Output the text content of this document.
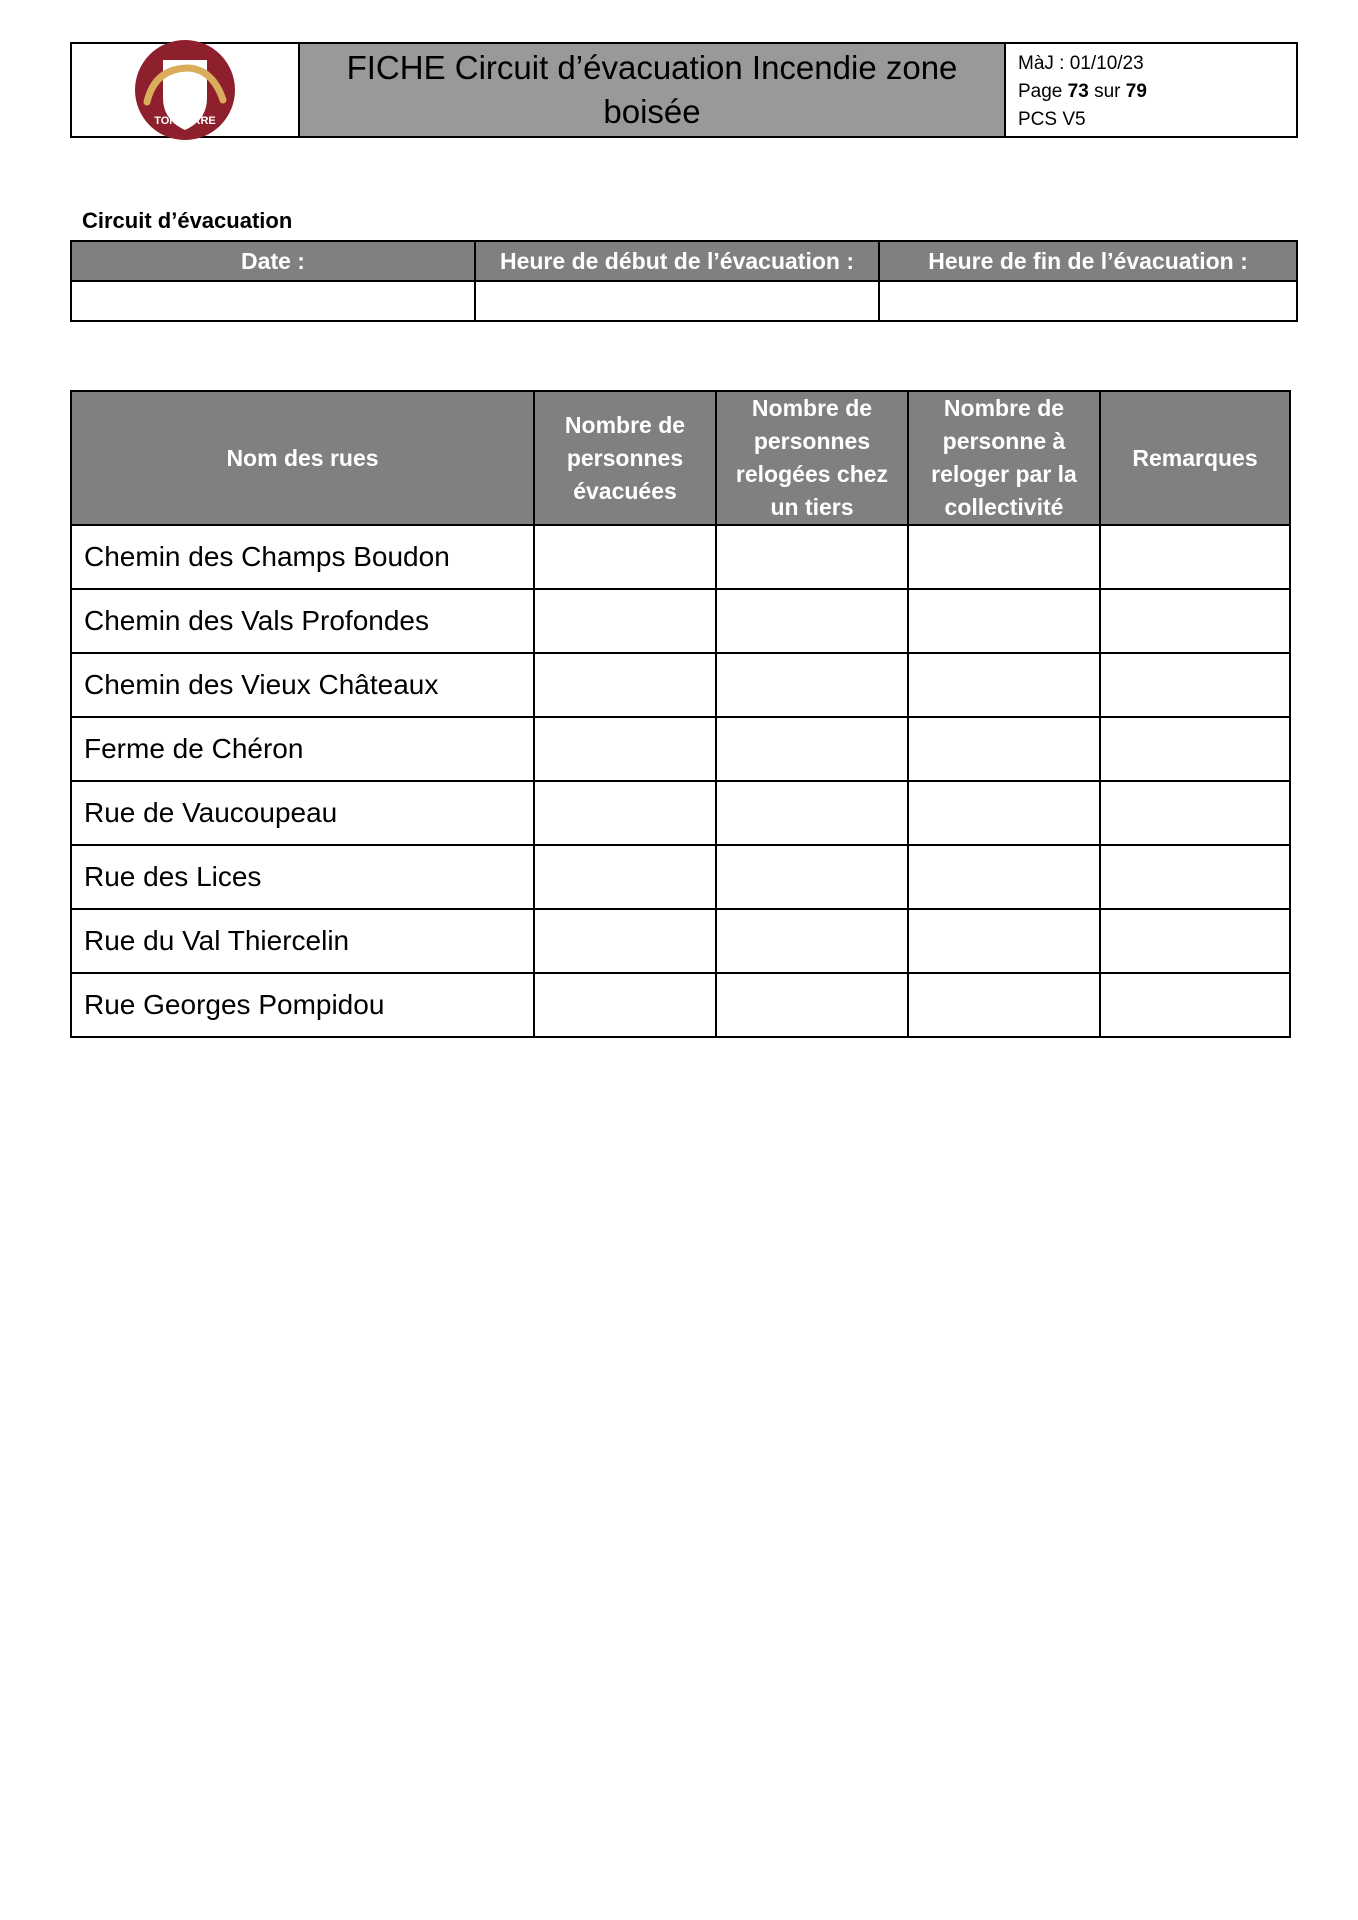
TONNERRE
FICHE Circuit d’évacuation Incendie zone boisée
MàJ : 01/10/23
Page 73 sur 79
PCS V5
Circuit d’évacuation
Date :	Heure de début de l’évacuation :	Heure de fin de l’évacuation :

Nom des rues	Nombre de personnes évacuées	Nombre de personnes relogées chez un tiers	Nombre de personne à reloger par la collectivité	Remarques
Chemin des Champs Boudon				
Chemin des Vals Profondes				
Chemin des Vieux Châteaux				
Ferme de Chéron				
Rue de Vaucoupeau				
Rue des Lices				
Rue du Val Thiercelin				
Rue Georges Pompidou				
